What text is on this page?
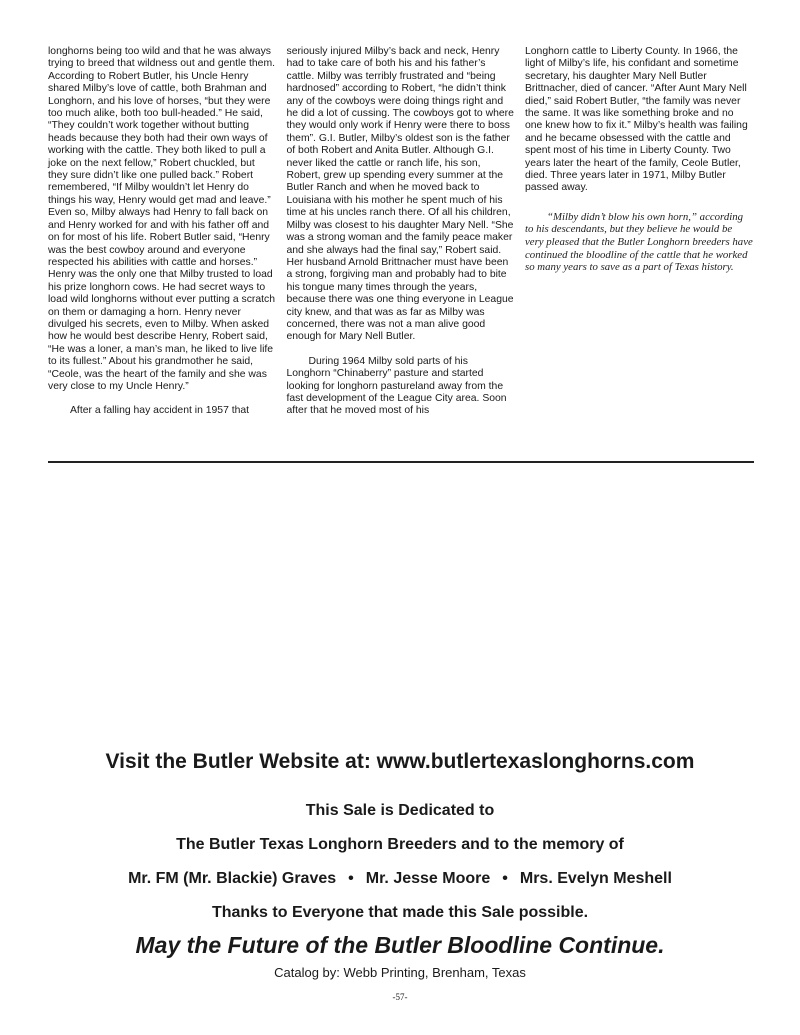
longhorns being too wild and that he was always trying to breed that wildness out and gentle them. According to Robert Butler, his Uncle Henry shared Milby’s love of cattle, both Brahman and Longhorn, and his love of horses, “but they were too much alike, both too bull-headed.” He said, “They couldn’t work together without butting heads because they both had their own ways of working with the cattle. They both liked to pull a joke on the next fellow,” Robert chuckled, but they sure didn’t like one pulled back.” Robert remembered, “If Milby wouldn’t let Henry do things his way, Henry would get mad and leave.” Even so, Milby always had Henry to fall back on and Henry worked for and with his father off and on for most of his life. Robert Butler said, “Henry was the best cowboy around and everyone respected his abilities with cattle and horses.” Henry was the only one that Milby trusted to load his prize longhorn cows. He had secret ways to load wild longhorns without ever putting a scratch on them or damaging a horn. Henry never divulged his secrets, even to Milby. When asked how he would best describe Henry, Robert said, “He was a loner, a man’s man, he liked to live life to its fullest.” About his grandmother he said, “Ceole, was the heart of the family and she was very close to my Uncle Henry.”

After a falling hay accident in 1957 that

seriously injured Milby’s back and neck, Henry had to take care of both his and his father’s cattle. Milby was terribly frustrated and “being hardnosed” according to Robert, “he didn’t think any of the cowboys were doing things right and he did a lot of cussing. The cowboys got to where they would only work if Henry were there to boss them”. G.I. Butler, Milby’s oldest son is the father of both Robert and Anita Butler. Although G.I. never liked the cattle or ranch life, his son, Robert, grew up spending every summer at the Butler Ranch and when he moved back to Louisiana with his mother he spent much of his time at his uncles ranch there. Of all his children, Milby was closest to his daughter Mary Nell. “She was a strong woman and the family peace maker and she always had the final say,” Robert said. Her husband Arnold Brittnacher must have been a strong, forgiving man and probably had to bite his tongue many times through the years, because there was one thing everyone in League city knew, and that was as far as Milby was concerned, there was not a man alive good enough for Mary Nell Butler.

During 1964 Milby sold parts of his Longhorn “Chinaberry” pasture and started looking for longhorn pastureland away from the fast development of the League City area. Soon after that he moved most of his

Longhorn cattle to Liberty County. In 1966, the light of Milby’s life, his confidant and sometime secretary, his daughter Mary Nell Butler Brittnacher, died of cancer. “After Aunt Mary Nell died,” said Robert Butler, “the family was never the same. It was like something broke and no one knew how to fix it.” Milby’s health was failing and he became obsessed with the cattle and spent most of his time in Liberty County. Two years later the heart of the family, Ceole Butler, died. Three years later in 1971, Milby Butler passed away.

“Milby didn’t blow his own horn,” according to his descendants, but they believe he would be very pleased that the Butler Longhorn breeders have continued the bloodline of the cattle that he worked so many years to save as a part of Texas history.

Visit the Butler Website at: www.butlertexaslonghorns.com
This Sale is Dedicated to
The Butler Texas Longhorn Breeders and to the memory of
Mr. FM (Mr. Blackie) Graves • Mr. Jesse Moore • Mrs. Evelyn Meshell
Thanks to Everyone that made this Sale possible.
May the Future of the Butler Bloodline Continue.
Catalog by: Webb Printing, Brenham, Texas
-57-
